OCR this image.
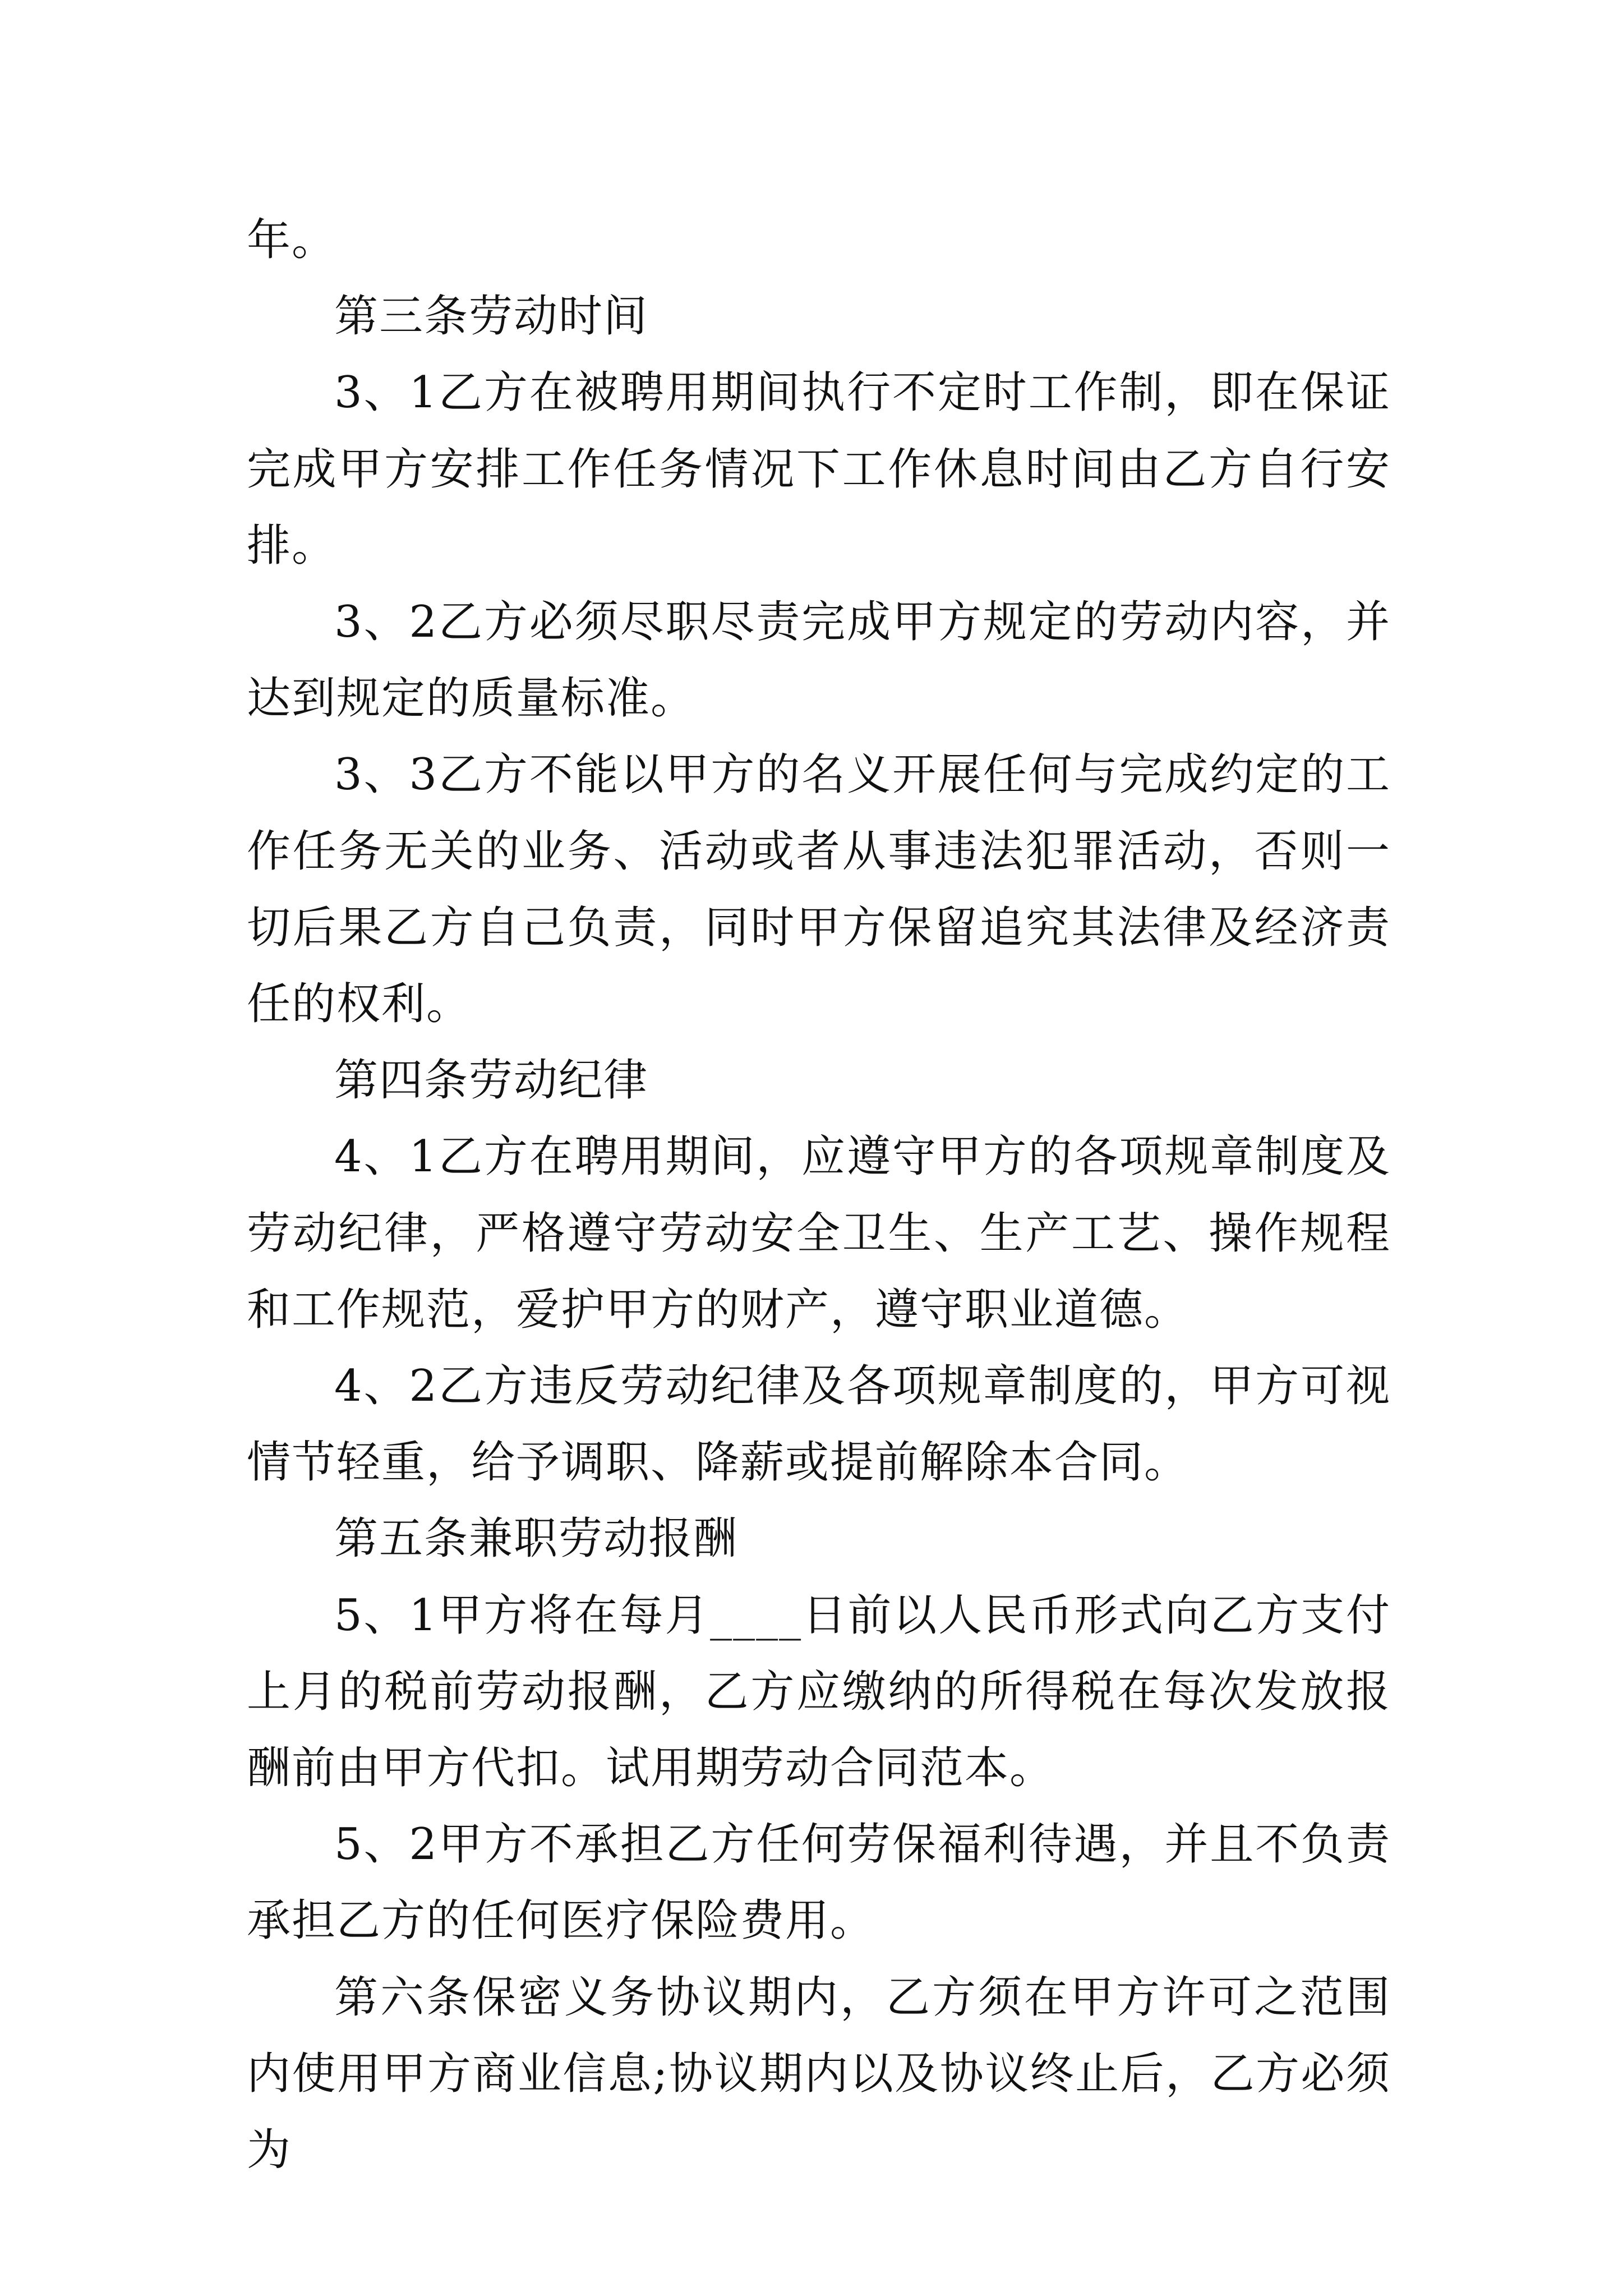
年。

第三条劳动时间

3、1乙方在被聘用期间执行不定时工作制，即在保证完成甲方安排工作任务情况下工作休息时间由乙方自行安排。

3、2乙方必须尽职尽责完成甲方规定的劳动内容，并达到规定的质量标准。

3、3乙方不能以甲方的名义开展任何与完成约定的工作任务无关的业务、活动或者从事违法犯罪活动，否则一切后果乙方自己负责，同时甲方保留追究其法律及经济责任的权利。

第四条劳动纪律

4、1乙方在聘用期间，应遵守甲方的各项规章制度及劳动纪律，严格遵守劳动安全卫生、生产工艺、操作规程和工作规范，爱护甲方的财产，遵守职业道德。

4、2乙方违反劳动纪律及各项规章制度的，甲方可视情节轻重，给予调职、降薪或提前解除本合同。

第五条兼职劳动报酬

5、1甲方将在每月____日前以人民币形式向乙方支付上月的税前劳动报酬，乙方应缴纳的所得税在每次发放报酬前由甲方代扣。试用期劳动合同范本。

5、2甲方不承担乙方任何劳保福利待遇，并且不负责承担乙方的任何医疗保险费用。

第六条保密义务协议期内，乙方须在甲方许可之范围内使用甲方商业信息;协议期内以及协议终止后，乙方必须为
